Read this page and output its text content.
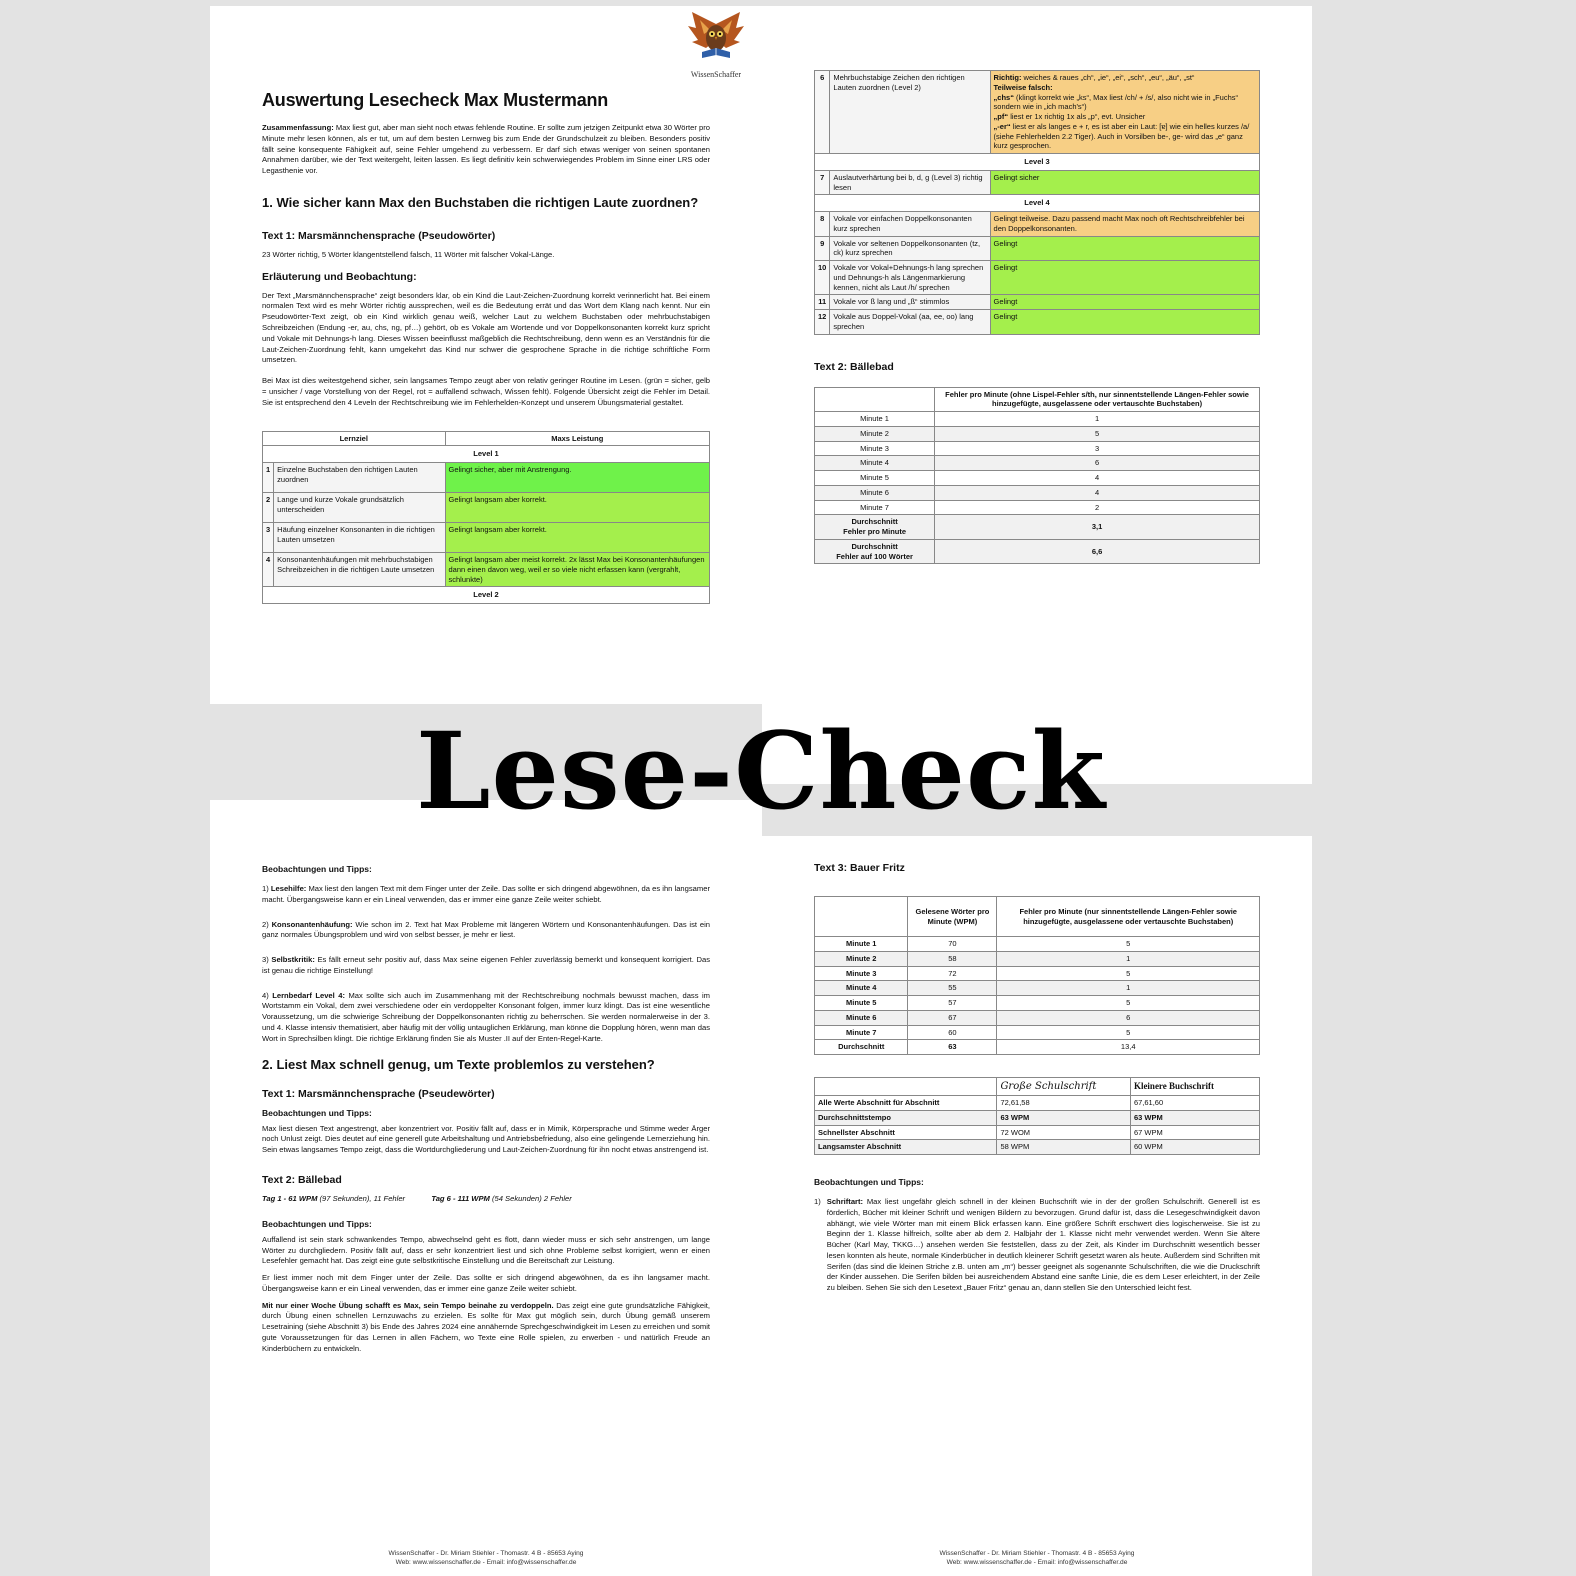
WissenSchaffer
Auswertung Lesecheck Max Mustermann

Zusammenfassung: Max liest gut, aber man sieht noch etwas fehlende Routine. Er sollte zum jetzigen Zeitpunkt etwa 30 Wörter pro Minute mehr lesen können, als er tut, um auf dem besten Lernweg bis zum Ende der Grundschulzeit zu bleiben. Besonders positiv fällt seine konsequente Fähigkeit auf, seine Fehler umgehend zu verbessern. Er darf sich etwas weniger von seinen spontanen Annahmen darüber, wie der Text weitergeht, leiten lassen. Es liegt definitiv kein schwerwiegendes Problem im Sinne einer LRS oder Legasthenie vor.

1. Wie sicher kann Max den Buchstaben die richtigen Laute zuordnen?
Text 1: Marsmännchensprache (Pseudowörter)

23 Wörter richtig, 5 Wörter klangentstellend falsch, 11 Wörter mit falscher Vokal-Länge.

Erläuterung und Beobachtung:

Der Text „Marsmännchensprache“ zeigt besonders klar, ob ein Kind die Laut-Zeichen-Zuordnung korrekt verinnerlicht hat. Bei einem normalen Text wird es mehr Wörter richtig aussprechen, weil es die Bedeutung errät und das Wort dem Klang nach kennt. Nur ein Pseudowörter-Text zeigt, ob ein Kind wirklich genau weiß, welcher Laut zu welchem Buchstaben oder mehrbuchstabigen Schreibzeichen (Endung -er, au, chs, ng, pf…) gehört, ob es Vokale am Wortende und vor Doppelkonsonanten korrekt kurz spricht und Vokale mit Dehnungs-h lang. Dieses Wissen beeinflusst maßgeblich die Rechtschreibung, denn wenn es an Verständnis für die Laut-Zeichen-Zuordnung fehlt, kann umgekehrt das Kind nur schwer die gesprochene Sprache in die richtige schriftliche Form umsetzen.

Bei Max ist dies weitestgehend sicher, sein langsames Tempo zeugt aber von relativ geringer Routine im Lesen. (grün = sicher, gelb = unsicher / vage Vorstellung von der Regel, rot = auffallend schwach, Wissen fehlt). Folgende Übersicht zeigt die Fehler im Detail. Sie ist entsprechend den 4 Leveln der Rechtschreibung wie im Fehlerhelden-Konzept und unserem Übungsmaterial gestaltet.

Lernziel		Maxs Leistung
Level 1		
1	Einzelne Buchstaben den richtigen Lauten zuordnen	Gelingt sicher, aber mit Anstrengung.
2	Lange und kurze Vokale grundsätzlich unterscheiden	Gelingt langsam aber korrekt.
3	Häufung einzelner Konsonanten in die richtigen Lauten umsetzen	Gelingt langsam aber korrekt.
4	Konsonantenhäufungen mit mehrbuchstabigen Schreibzeichen in die richtigen Laute umsetzen	Gelingt langsam aber meist korrekt. 2x lässt Max bei Konsonantenhäufungen dann einen davon weg, weil er so viele nicht erfassen kann (vergrahlt, schlunkte)
Level 2		
6	Mehrbuchstabige Zeichen den richtigen Lauten zuordnen (Level 2)	Richtig: weiches & raues „ch“, „ie“, „ei“, „sch“, „eu“, „äu“, „st“
Teilweise falsch:
„chs“ (klingt korrekt wie „ks“, Max liest /ch/ + /s/, also nicht wie in „Fuchs“ sondern wie in „ich mach's“)
„pf“ liest er 1x richtig 1x als „p“, evt. Unsicher
„-er“ liest er als langes e + r, es ist aber ein Laut: [ɐ] wie ein helles kurzes /a/ (siehe Fehlerhelden 2.2 Tiger). Auch in Vorsilben be-, ge- wird das „e“ ganz kurz gesprochen.
Level 3		
7	Auslautverhärtung bei b, d, g (Level 3) richtig lesen	Gelingt sicher
Level 4		
8	Vokale vor einfachen Doppelkonsonanten kurz sprechen	Gelingt teilweise. Dazu passend macht Max noch oft Rechtschreibfehler bei den Doppelkonsonanten.
9	Vokale vor seltenen Doppelkonsonanten (tz, ck) kurz sprechen	Gelingt
10	Vokale vor Vokal+Dehnungs-h lang sprechen und Dehnungs-h als Längenmarkierung kennen, nicht als Laut /h/ sprechen	Gelingt
11	Vokale vor ß lang und „ß“ stimmlos	Gelingt
12	Vokale aus Doppel-Vokal (aa, ee, oo) lang sprechen	Gelingt
Text 2: Bällebad
	Fehler pro Minute (ohne Lispel-Fehler s/th, nur sinnentstellende Längen-Fehler sowie hinzugefügte, ausgelassene oder vertauschte Buchstaben)
Minute 1	1
Minute 2	5
Minute 3	3
Minute 4	6
Minute 5	4
Minute 6	4
Minute 7	2
Durchschnitt
Fehler pro Minute	3,1
Durchschnitt
Fehler auf 100 Wörter	6,6
Beobachtungen und Tipps:

1) Lesehilfe: Max liest den langen Text mit dem Finger unter der Zeile. Das sollte er sich dringend abgewöhnen, da es ihn langsamer macht. Übergangsweise kann er ein Lineal verwenden, das er immer eine ganze Zeile weiter schiebt.

2) Konsonantenhäufung: Wie schon im 2. Text hat Max Probleme mit längeren Wörtern und Konsonantenhäufungen. Das ist ein ganz normales Übungsproblem und wird von selbst besser, je mehr er liest.

3) Selbstkritik: Es fällt erneut sehr positiv auf, dass Max seine eigenen Fehler zuverlässig bemerkt und konsequent korrigiert. Das ist genau die richtige Einstellung!

4) Lernbedarf Level 4: Max sollte sich auch im Zusammenhang mit der Rechtschreibung nochmals bewusst machen, dass im Wortstamm ein Vokal, dem zwei verschiedene oder ein verdoppelter Konsonant folgen, immer kurz klingt. Das ist eine wesentliche Voraussetzung, um die schwierige Schreibung der Doppelkonsonanten richtig zu beherrschen. Sie werden normalerweise in der 3. und 4. Klasse intensiv thematisiert, aber häufig mit der völlig untauglichen Erklärung, man könne die Dopplung hören, wenn man das Wort in Sprechsilben klingt. Die richtige Erklärung finden Sie als Muster .II auf der Enten-Regel-Karte.

2. Liest Max schnell genug, um Texte problemlos zu verstehen?
Text 1: Marsmännchensprache (Pseudewörter)
Beobachtungen und Tipps:

Max liest diesen Text angestrengt, aber konzentriert vor. Positiv fällt auf, dass er in Mimik, Körpersprache und Stimme weder Ärger noch Unlust zeigt. Dies deutet auf eine generell gute Arbeitshaltung und Antriebsbefriedung, also eine gelingende Lernerziehung hin. Sein etwas langsames Tempo zeigt, dass die Wortdurchgliederung und Laut-Zeichen-Zuordnung für ihn nocht etwas anstrengend ist.

Text 2: Bällebad

Tag 1 - 61 WPM (97 Sekunden), 11 Fehler	Tag 6 - 111 WPM (54 Sekunden) 2 Fehler

Beobachtungen und Tipps:

Auffallend ist sein stark schwankendes Tempo, abwechselnd geht es flott, dann wieder muss er sich sehr anstrengen, um lange Wörter zu durchgliedern. Positiv fällt auf, dass er sehr konzentriert liest und sich ohne Probleme selbst korrigiert, wenn er einen Lesefehler gemacht hat. Das zeigt eine gute selbstkritische Einstellung und die Bereitschaft zur Leistung.

Er liest immer noch mit dem Finger unter der Zeile. Das sollte er sich dringend abgewöhnen, da es ihn langsamer macht. Übergangsweise kann er ein Lineal verwenden, das er immer eine ganze Zeile weiter schiebt.

Mit nur einer Woche Übung schafft es Max, sein Tempo beinahe zu verdoppeln. Das zeigt eine gute grundsätzliche Fähigkeit, durch Übung einen schnellen Lernzuwachs zu erzielen. Es sollte für Max gut möglich sein, durch Übung gemäß unserem Lesetraining (siehe Abschnitt 3) bis Ende des Jahres 2024 eine annähernde Sprechgeschwindigkeit im Lesen zu erreichen und somit gute Voraussetzungen für das Lernen in allen Fächern, wo Texte eine Rolle spielen, zu erwerben - und natürlich Freude an Kinderbüchern zu entwickeln.

WissenSchaffer - Dr. Miriam Stiehler - Thomastr. 4 B - 85653 Aying
Web: www.wissenschaffer.de - Email: info@wissenschaffer.de
Text 3: Bauer Fritz
	Gelesene Wörter pro Minute (WPM)	Fehler pro Minute (nur sinnentstellende Längen-Fehler sowie hinzugefügte, ausgelassene oder vertauschte Buchstaben)
Minute 1	70	5
Minute 2	58	1
Minute 3	72	5
Minute 4	55	1
Minute 5	57	5
Minute 6	67	6
Minute 7	60	5
Durchschnitt	63	13,4
	Große Schulschrift	Kleinere Buchschrift
Alle Werte Abschnitt für Abschnitt	72,61,58	67,61,60
Durchschnittstempo	63 WPM	63 WPM
Schnellster Abschnitt	72 WOM	67 WPM
Langsamster Abschnitt	58 WPM	60 WPM
Beobachtungen und Tipps:

1) Schriftart: Max liest ungefähr gleich schnell in der kleinen Buchschrift wie in der der großen Schulschrift. Generell ist es förderlich, Bücher mit kleiner Schrift und wenigen Bildern zu bevorzugen. Grund dafür ist, dass die Lesegeschwindigkeit davon abhängt, wie viele Wörter man mit einem Blick erfassen kann. Eine größere Schrift erschwert dies logischerweise. Sie ist zu Beginn der 1. Klasse hilfreich, sollte aber ab dem 2. Halbjahr der 1. Klasse nicht mehr verwendet werden. Wenn Sie ältere Bücher (Karl May, TKKG…) ansehen werden Sie feststellen, dass zu der Zeit, als Kinder im Durchschnitt wesentlich besser lesen konnten als heute, normale Kinderbücher in deutlich kleinerer Schrift gesetzt waren als heute. Außerdem sind Schriften mit Serifen (das sind die kleinen Striche z.B. unten am „m“) besser geeignet als sogenannte Schulschriften, die wie die Druckschrift der Kinder aussehen. Die Serifen bilden bei ausreichendem Abstand eine sanfte Linie, die es dem Leser erleichtert, in der Zeile zu bleiben. Sehen Sie sich den Lesetext „Bauer Fritz“ genau an, dann stellen Sie den Unterschied leicht fest.

WissenSchaffer - Dr. Miriam Stiehler - Thomastr. 4 B - 85653 Aying
Web: www.wissenschaffer.de - Email: info@wissenschaffer.de
Lese-Check
